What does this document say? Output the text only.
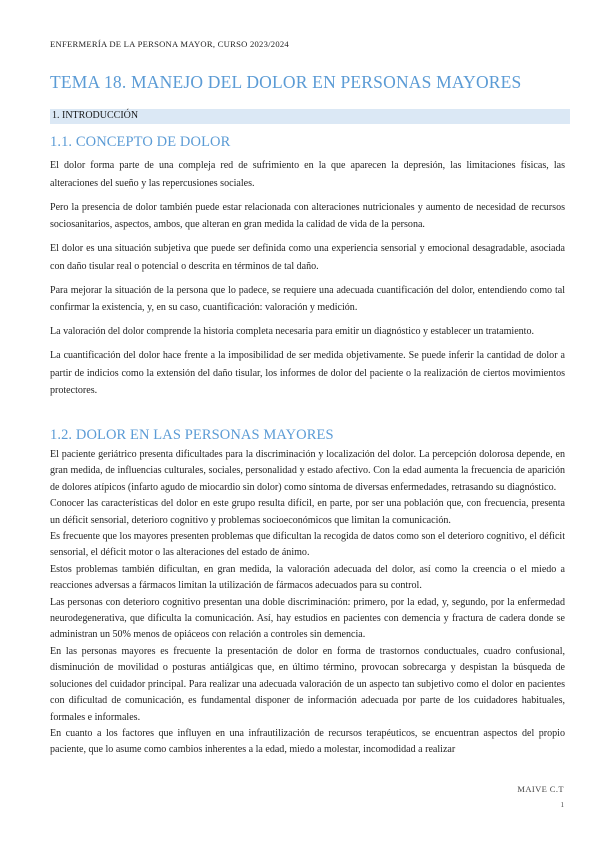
ENFERMERÍA DE LA PERSONA MAYOR, CURSO 2023/2024
TEMA 18. MANEJO DEL DOLOR EN PERSONAS MAYORES
1. INTRODUCCIÓN
1.1. CONCEPTO DE DOLOR

El dolor forma parte de una compleja red de sufrimiento en la que aparecen la depresión, las limitaciones físicas, las alteraciones del sueño y las repercusiones sociales.

Pero la presencia de dolor también puede estar relacionada con alteraciones nutricionales y aumento de necesidad de recursos sociosanitarios, aspectos, ambos, que alteran en gran medida la calidad de vida de la persona.

El dolor es una situación subjetiva que puede ser definida como una experiencia sensorial y emocional desagradable, asociada con daño tisular real o potencial o descrita en términos de tal daño.

Para mejorar la situación de la persona que lo padece, se requiere una adecuada cuantificación del dolor, entendiendo como tal confirmar la existencia, y, en su caso, cuantificación: valoración y medición.

La valoración del dolor comprende la historia completa necesaria para emitir un diagnóstico y establecer un tratamiento.

La cuantificación del dolor hace frente a la imposibilidad de ser medida objetivamente. Se puede inferir la cantidad de dolor a partir de indicios como la extensión del daño tisular, los informes de dolor del paciente o la realización de ciertos movimientos protectores.

1.2. DOLOR EN LAS PERSONAS MAYORES

El paciente geriátrico presenta dificultades para la discriminación y localización del dolor. La percepción dolorosa depende, en gran medida, de influencias culturales, sociales, personalidad y estado afectivo. Con la edad aumenta la frecuencia de aparición de dolores atípicos (infarto agudo de miocardio sin dolor) como síntoma de diversas enfermedades, retrasando su diagnóstico.

Conocer las características del dolor en este grupo resulta difícil, en parte, por ser una población que, con frecuencia, presenta un déficit sensorial, deterioro cognitivo y problemas socioeconómicos que limitan la comunicación.

Es frecuente que los mayores presenten problemas que dificultan la recogida de datos como son el deterioro cognitivo, el déficit sensorial, el déficit motor o las alteraciones del estado de ánimo.

Estos problemas también dificultan, en gran medida, la valoración adecuada del dolor, así como la creencia o el miedo a reacciones adversas a fármacos limitan la utilización de fármacos adecuados para su control.

Las personas con deterioro cognitivo presentan una doble discriminación: primero, por la edad, y, segundo, por la enfermedad neurodegenerativa, que dificulta la comunicación. Así, hay estudios en pacientes con demencia y fractura de cadera donde se administran un 50% menos de opiáceos con relación a controles sin demencia.

En las personas mayores es frecuente la presentación de dolor en forma de trastornos conductuales, cuadro confusional, disminución de movilidad o posturas antiálgicas que, en último término, provocan sobrecarga y despistan la búsqueda de soluciones del cuidador principal. Para realizar una adecuada valoración de un aspecto tan subjetivo como el dolor en pacientes con dificultad de comunicación, es fundamental disponer de información adecuada por parte de los cuidadores habituales, formales e informales.

En cuanto a los factores que influyen en una infrautilización de recursos terapéuticos, se encuentran aspectos del propio paciente, que lo asume como cambios inherentes a la edad, miedo a molestar, incomodidad a realizar

MAIVE C.T
1
